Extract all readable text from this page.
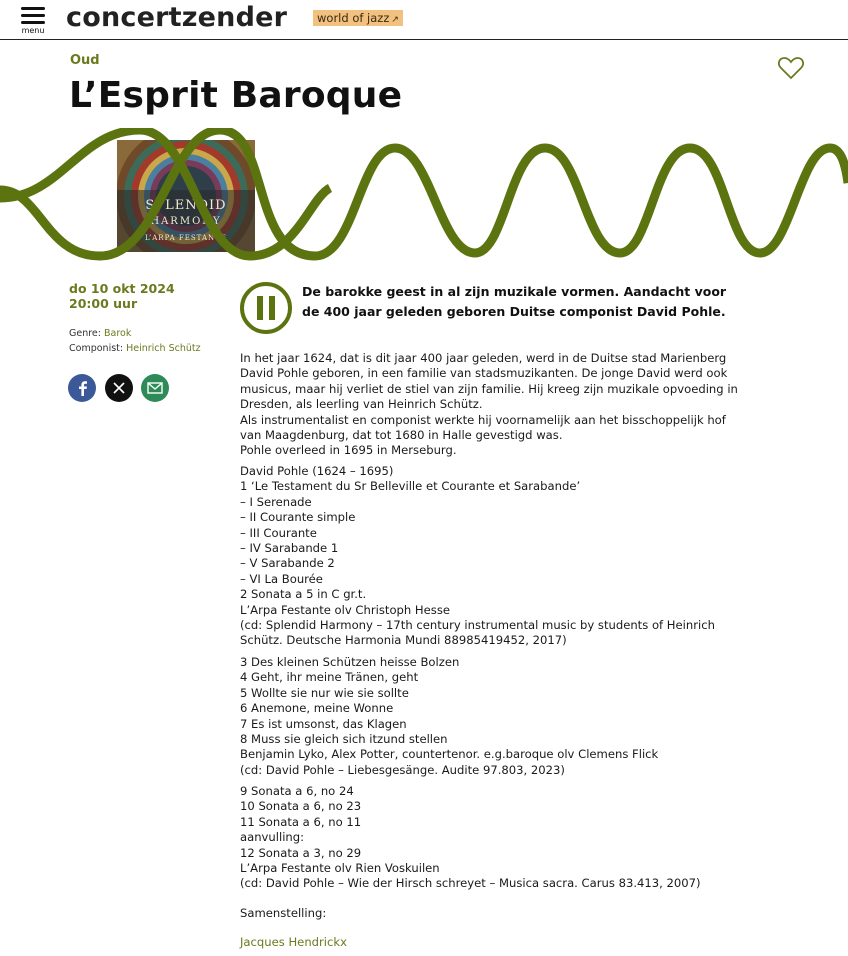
menu concertzender	world of jazz ↗
Oud
L’Esprit Baroque
SPLENDID
HARMONY
L’ARPA FESTANTE
do 10 okt 2024
20:00 uur
Genre: Barok
Componist: Heinrich Schütz
De barokke geest in al zijn muzikale vormen. Aandacht voor de 400 jaar geleden geboren Duitse componist David Pohle.
In het jaar 1624, dat is dit jaar 400 jaar geleden, werd in de Duitse stad Marienberg
David Pohle geboren, in een familie van stadsmuzikanten. De jonge David werd ook
musicus, maar hij verliet de stiel van zijn familie. Hij kreeg zijn muzikale opvoeding in
Dresden, als leerling van Heinrich Schütz.
Als instrumentalist en componist werkte hij voornamelijk aan het bisschoppelijk hof
van Maagdenburg, dat tot 1680 in Halle gevestigd was.
Pohle overleed in 1695 in Merseburg.
David Pohle (1624 – 1695)
1 ‘Le Testament du Sr Belleville et Courante et Sarabande’
– I Serenade
– II Courante simple
– III Courante
– IV Sarabande 1
– V Sarabande 2
– VI La Bourée
2 Sonata a 5 in C gr.t.
L’Arpa Festante olv Christoph Hesse
(cd: Splendid Harmony – 17th century instrumental music by students of Heinrich
Schütz. Deutsche Harmonia Mundi 88985419452, 2017)
3 Des kleinen Schützen heisse Bolzen
4 Geht, ihr meine Tränen, geht
5 Wollte sie nur wie sie sollte
6 Anemone, meine Wonne
7 Es ist umsonst, das Klagen
8 Muss sie gleich sich itzund stellen
Benjamin Lyko, Alex Potter, countertenor. e.g.baroque olv Clemens Flick
(cd: David Pohle – Liebesgesänge. Audite 97.803, 2023)
9 Sonata a 6, no 24
10 Sonata a 6, no 23
11 Sonata a 6, no 11
aanvulling:
12 Sonata a 3, no 29
L’Arpa Festante olv Rien Voskuilen
(cd: David Pohle – Wie der Hirsch schreyet – Musica sacra. Carus 83.413, 2007)
Samenstelling:
Jacques Hendrickx
